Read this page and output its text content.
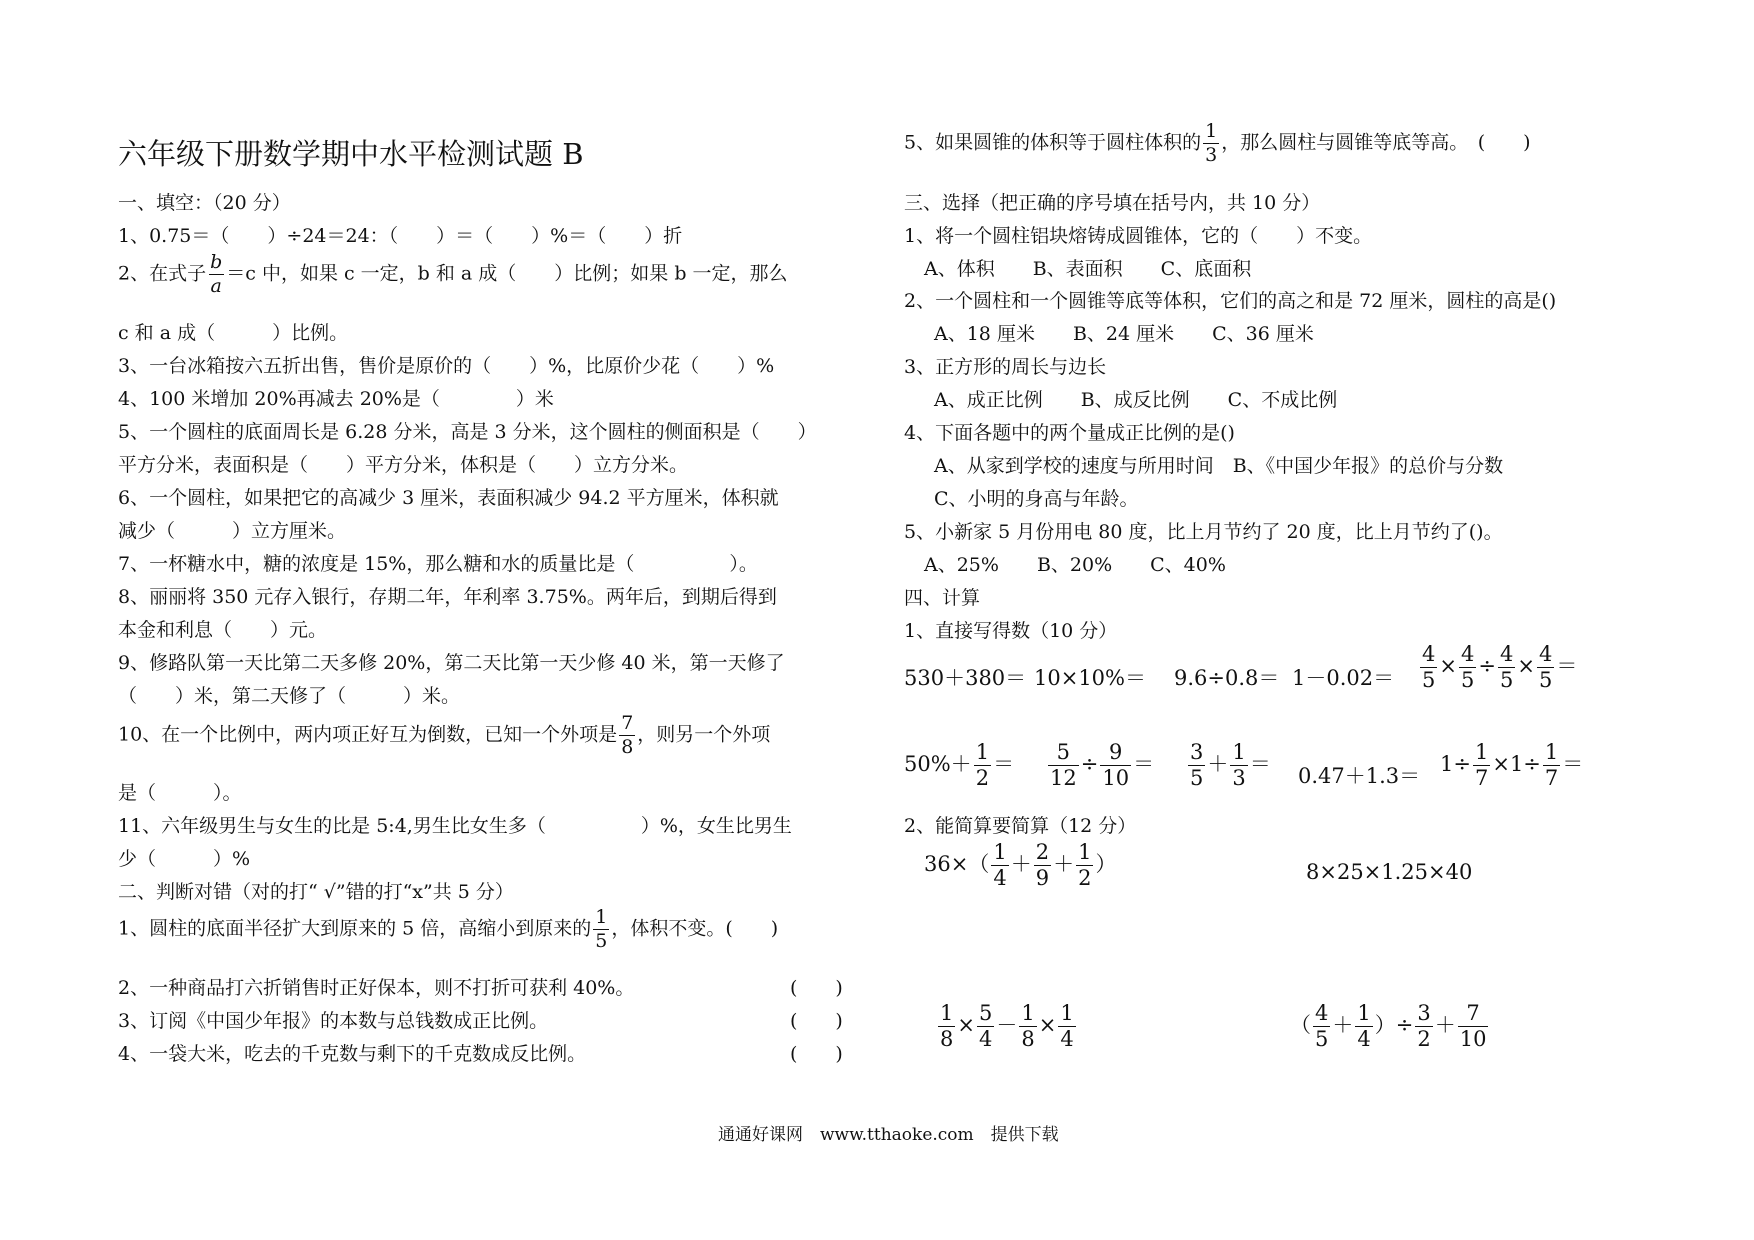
六年级下册数学期中水平检测试题 B
一、填空：（20 分）
1、0.75＝（　　）÷24＝24：（　　）＝（　　）%＝（　　）折
2、在式子 $\frac{b}{a} =c$ 中，如果 c 一定，b 和 a 成（　　）比例；如果 b 一定，那么
c 和 a 成（　　　）比例。
3、一台冰箱按六五折出售，售价是原价的（　　）%，比原价少花（　　）%
4、100 米增加 20%再减去 20%是（　　　　）米
5、一个圆柱的底面周长是 6.28 分米，高是 3 分米，这个圆柱的侧面积是（　　）
平方分米，表面积是（　　）平方分米，体积是（　　）立方分米。
6、一个圆柱，如果把它的高减少 3 厘米，表面积减少 94.2 平方厘米，体积就
减少（　　　）立方厘米。
7、一杯糖水中，糖的浓度是 15%，那么糖和水的质量比是（　　　　　）。
8、丽丽将 350 元存入银行，存期二年，年利率 3.75%。两年后，到期后得到
本金和利息（　　）元。
9、修路队第一天比第二天多修 20%，第二天比第一天少修 40 米，第一天修了
（　　）米，第二天修了（　　　）米。
10、在一个比例中，两内项正好互为倒数，已知一个外项是 $\frac{7}{8}$ ，则另一个外项
是（　　　）。
11、六年级男生与女生的比是 5:4,男生比女生多（　　　　　）%，女生比男生
少（　　　）%
二、判断对错（对的打“ √”错的打“x”共 5 分）
1、圆柱的底面半径扩大到原来的 5 倍，高缩小到原来的 $\frac{1}{5}$ ，体积不变。(　　)
2、一种商品打六折销售时正好保本，则不打折可获利 40%。	(　　)
3、订阅《中国少年报》的本数与总钱数成正比例。	(　　)
4、一袋大米，吃去的千克数与剩下的千克数成反比例。	(　　)
5、如果圆锥的体积等于圆柱体积的 $\frac{1}{3}$ ，那么圆柱与圆锥等底等高。　(　　)
三、选择（把正确的序号填在括号内，共 10 分）
1、将一个圆柱铝块熔铸成圆锥体，它的（　　）不变。
A、体积　　B、表面积　　C、底面积
2、一个圆柱和一个圆锥等底等体积，它们的高之和是 72 厘米，圆柱的高是()
A、18 厘米　　B、24 厘米　　C、36 厘米
3、正方形的周长与边长
A、成正比例　　B、成反比例　　C、不成比例
4、下面各题中的两个量成正比例的是()
A、从家到学校的速度与所用时间　B、《中国少年报》的总价与分数
C、小明的身高与年龄。
5、小新家 5 月份用电 80 度，比上月节约了 20 度，比上月节约了()。
A、25%　　B、20%　　C、40%
四、计算
1、直接写得数（10 分）
$530+380= 10\times 10\%= 9.6\div 0.8= 1-0.02= \frac{4}{5} \times \frac{4}{5} \div \frac{4}{5} \times \frac{4}{5}$ ＝
$50\%+ \frac{1}{2} = \frac{5}{12} \div \frac{9}{10} = \frac{3}{5} + \frac{1}{3} = 0.47+1.3= 1\div \frac{1}{7} \times 1\div \frac{1}{7}$ ＝
2、能简算要简算（12 分）
$36\times( \frac{1}{4} + \frac{2}{9} + \frac{1}{2}$ ）	8×25×1.25×40
$\frac{1}{8} \times \frac{5}{4} - \frac{1}{8} \times \frac{1}{4}$	（ $\frac{4}{5} + \frac{1}{4}$ ）÷ $\frac{3}{2} + \frac{7}{10}$
通通好课网　www.tthaoke.com　提供下载
